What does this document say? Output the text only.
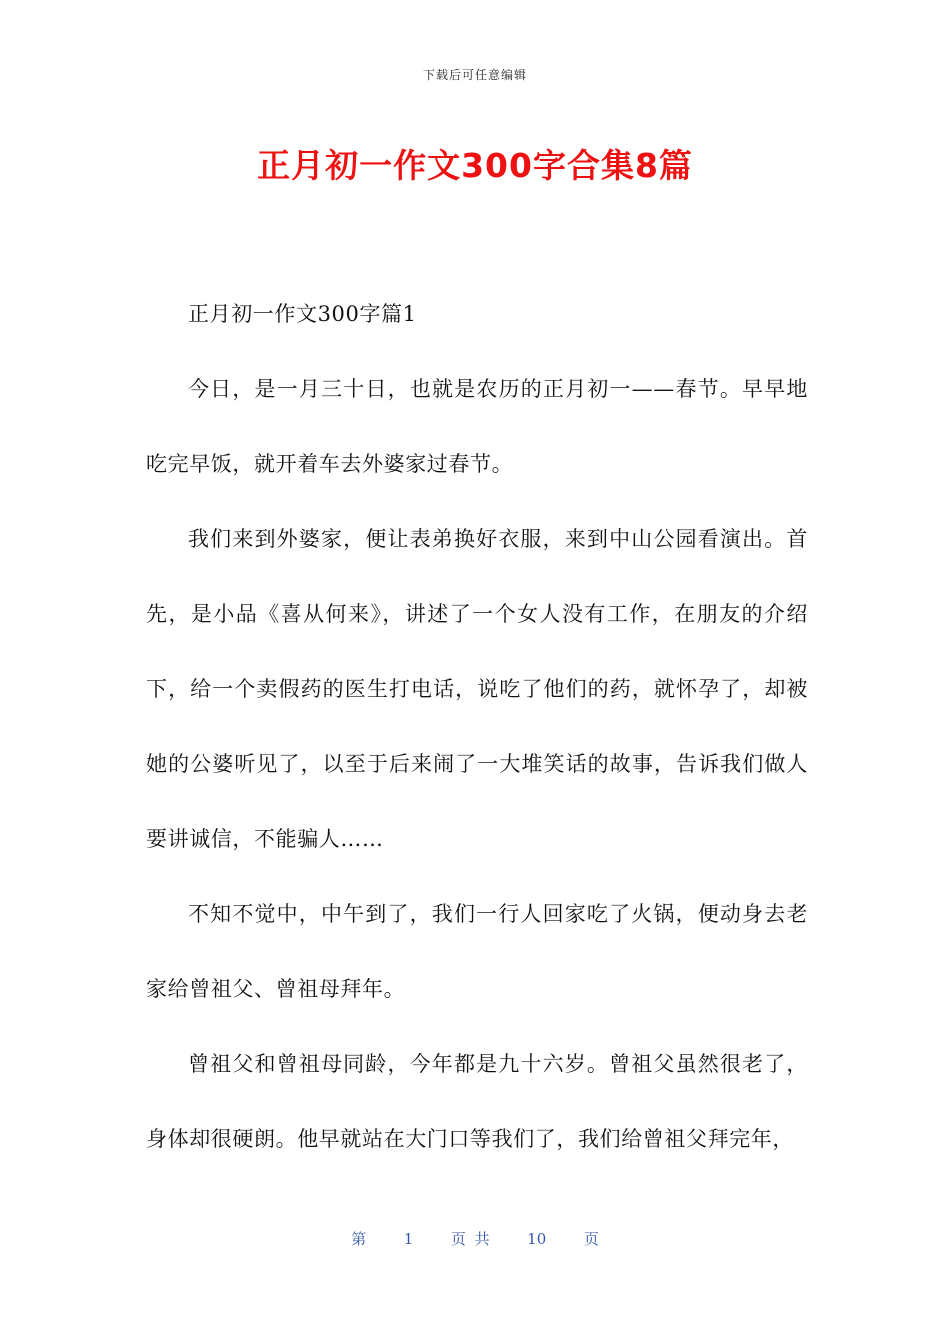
下载后可任意编辑
正月初一作文300字合集8篇

正月初一作文300字篇1

今日，是一月三十日，也就是农历的正月初一——春节。早早地吃完早饭，就开着车去外婆家过春节。

我们来到外婆家，便让表弟换好衣服，来到中山公园看演出。首先，是小品《喜从何来》，讲述了一个女人没有工作，在朋友的介绍下，给一个卖假药的医生打电话，说吃了他们的药，就怀孕了，却被她的公婆听见了，以至于后来闹了一大堆笑话的故事，告诉我们做人要讲诚信，不能骗人……

不知不觉中，中午到了，我们一行人回家吃了火锅，便动身去老家给曾祖父、曾祖母拜年。

曾祖父和曾祖母同龄，今年都是九十六岁。曾祖父虽然很老了，身体却很硬朗。他早就站在大门口等我们了，我们给曾祖父拜完年，

第	1	页 共	10	页
